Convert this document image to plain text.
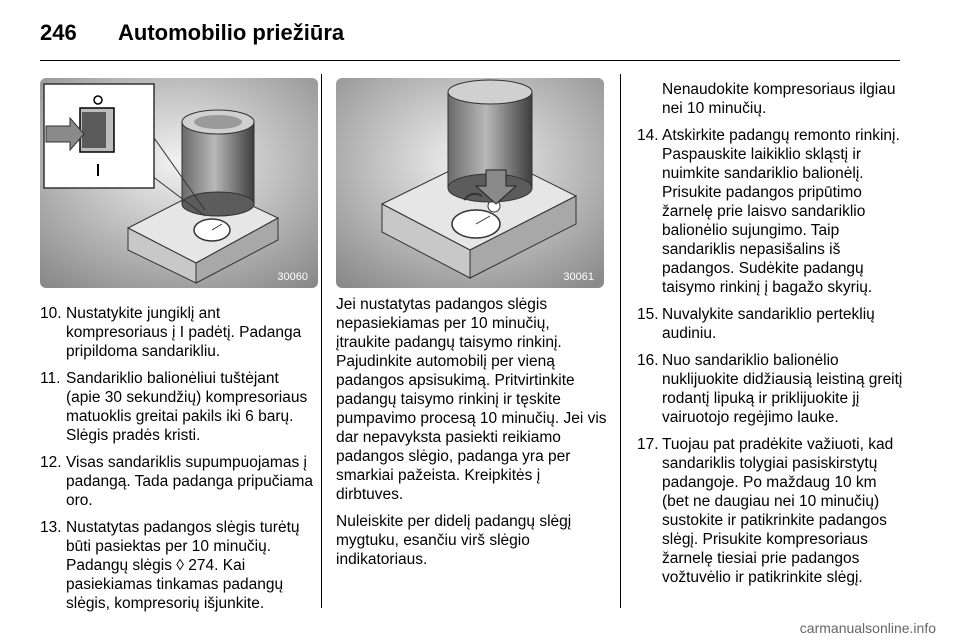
246 Automobilio priežiūra
30060	30061
10. Nustatykite jungiklį ant kompresoriaus į I padėtį. Padanga pripildoma sandarikliu.
11. Sandariklio balionėliui tuštėjant (apie 30 sekundžių) kompresoriaus matuoklis greitai pakils iki 6 barų. Slėgis pradės kristi.
12. Visas sandariklis supumpuojamas į padangą. Tada padanga pripučiama oro.
13. Nustatytas padangos slėgis turėtų būti pasiektas per 10 minučių. Padangų slėgis ◊ 274. Kai pasiekiamas tinkamas padangų slėgis, kompresorių išjunkite.

Jei nustatytas padangos slėgis nepasiekiamas per 10 minučių, įtraukite padangų taisymo rinkinį. Pajudinkite automobilį per vieną padangos apsisukimą. Pritvirtinkite padangų taisymo rinkinį ir tęskite pumpavimo procesą 10 minučių. Jei vis dar nepavyksta pasiekti reikiamo padangos slėgio, padanga yra per smarkiai pažeista. Kreipkitės į dirbtuves.

Nuleiskite per didelį padangų slėgį mygtuku, esančiu virš slėgio indikatoriaus.

Nenaudokite kompresoriaus ilgiau nei 10 minučių.

14. Atskirkite padangų remonto rinkinį. Paspauskite laikiklio skląstį ir nuimkite sandariklio balionėlį. Prisukite padangos pripūtimo žarnelę prie laisvo sandariklio balionėlio sujungimo. Taip sandariklis nepasišalins iš padangos. Sudėkite padangų taisymo rinkinį į bagažo skyrių.
15. Nuvalykite sandariklio perteklių audiniu.
16. Nuo sandariklio balionėlio nuklijuokite didžiausią leistiną greitį rodantį lipuką ir priklijuokite jį vairuotojo regėjimo lauke.
17. Tuojau pat pradėkite važiuoti, kad sandariklis tolygiai pasiskirstytų padangoje. Po maždaug 10 km (bet ne daugiau nei 10 minučių) sustokite ir patikrinkite padangos slėgį. Prisukite kompresoriaus žarnelę tiesiai prie padangos vožtuvėlio ir patikrinkite slėgį.
carmanualsonline.info
